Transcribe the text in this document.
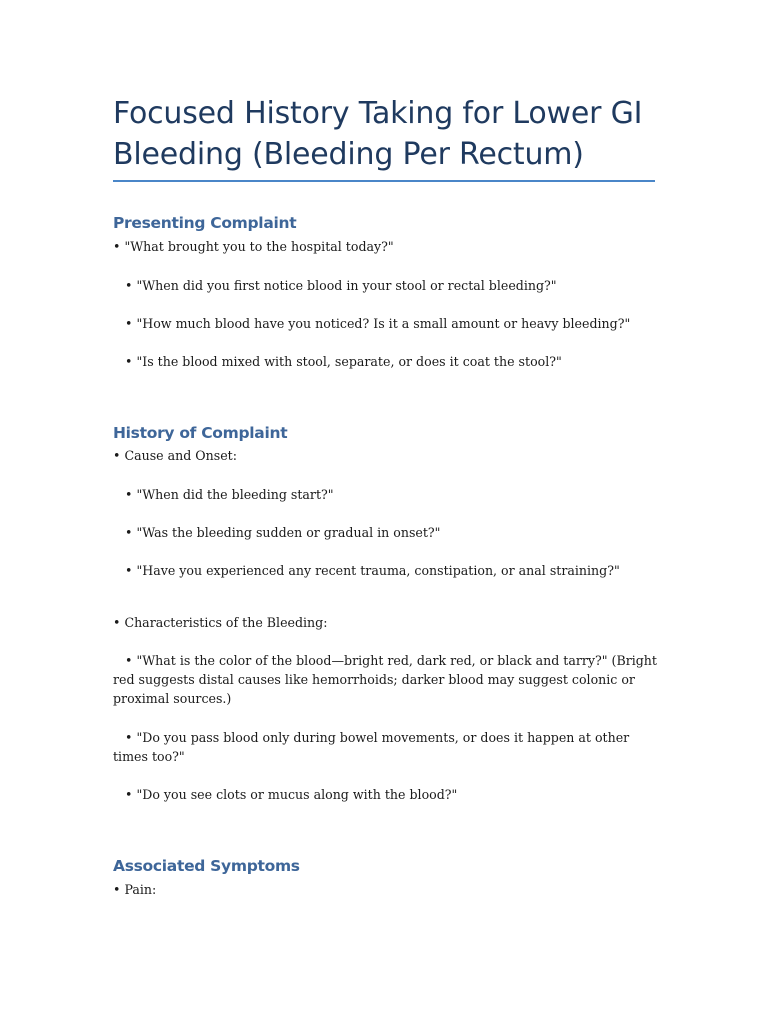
Focused History Taking for Lower GI Bleeding (Bleeding Per Rectum)
Presenting Complaint

• "What brought you to the hospital today?"

• "When did you first notice blood in your stool or rectal bleeding?"

• "How much blood have you noticed? Is it a small amount or heavy bleeding?"

• "Is the blood mixed with stool, separate, or does it coat the stool?"

History of Complaint

• Cause and Onset:

• "When did the bleeding start?"

• "Was the bleeding sudden or gradual in onset?"

• "Have you experienced any recent trauma, constipation, or anal straining?"

• Characteristics of the Bleeding:

• "What is the color of the blood—bright red, dark red, or black and tarry?" (Bright red suggests distal causes like hemorrhoids; darker blood may suggest colonic or proximal sources.)

• "Do you pass blood only during bowel movements, or does it happen at other times too?"

• "Do you see clots or mucus along with the blood?"

Associated Symptoms

• Pain:
